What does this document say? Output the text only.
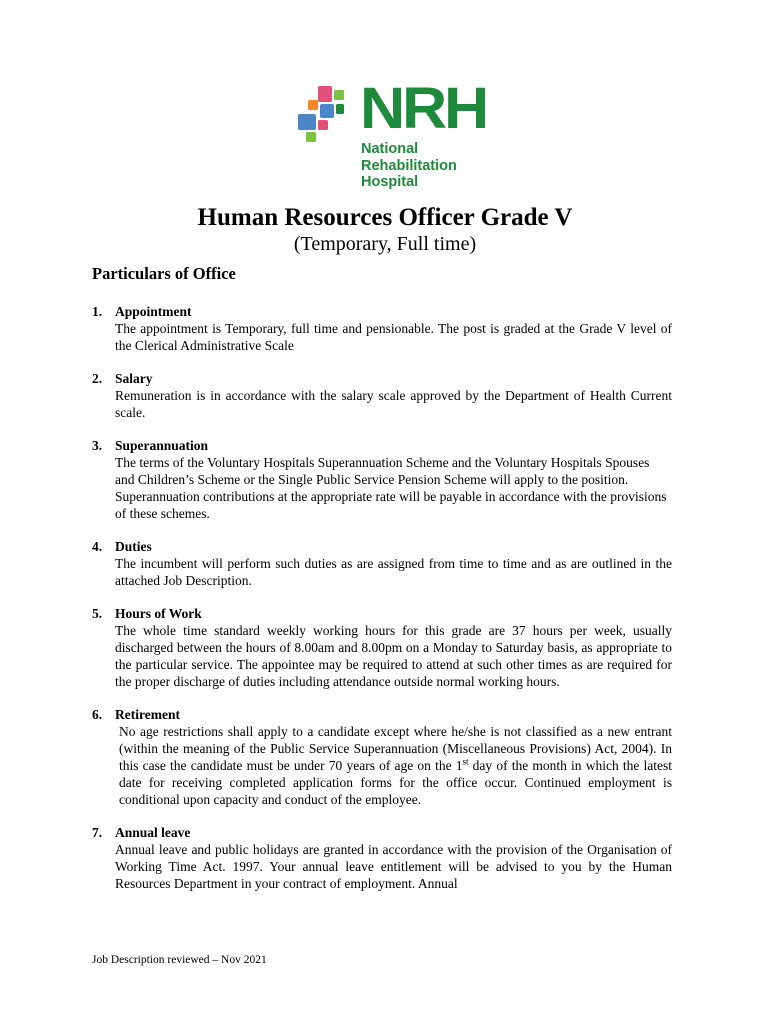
NRH
National
Rehabilitation
Hospital
Human Resources Officer Grade V
(Temporary, Full time)
Particulars of Office
1. Appointment
The appointment is Temporary, full time and pensionable. The post is graded at the Grade V level of the Clerical Administrative Scale
2. Salary
Remuneration is in accordance with the salary scale approved by the Department of Health Current scale.
3. Superannuation
The terms of the Voluntary Hospitals Superannuation Scheme and the Voluntary Hospitals Spouses and Children’s Scheme or the Single Public Service Pension Scheme will apply to the position. Superannuation contributions at the appropriate rate will be payable in accordance with the provisions of these schemes.
4. Duties
The incumbent will perform such duties as are assigned from time to time and as are outlined in the attached Job Description.
5. Hours of Work
The whole time standard weekly working hours for this grade are 37 hours per week, usually discharged between the hours of 8.00am and 8.00pm on a Monday to Saturday basis, as appropriate to the particular service. The appointee may be required to attend at such other times as are required for the proper discharge of duties including attendance outside normal working hours.
6. Retirement
No age restrictions shall apply to a candidate except where he/she is not classified as a new entrant (within the meaning of the Public Service Superannuation (Miscellaneous Provisions) Act, 2004). In this case the candidate must be under 70 years of age on the 1st day of the month in which the latest date for receiving completed application forms for the office occur. Continued employment is conditional upon capacity and conduct of the employee.
7. Annual leave
Annual leave and public holidays are granted in accordance with the provision of the Organisation of Working Time Act. 1997. Your annual leave entitlement will be advised to you by the Human Resources Department in your contract of employment. Annual
Job Description reviewed – Nov 2021
